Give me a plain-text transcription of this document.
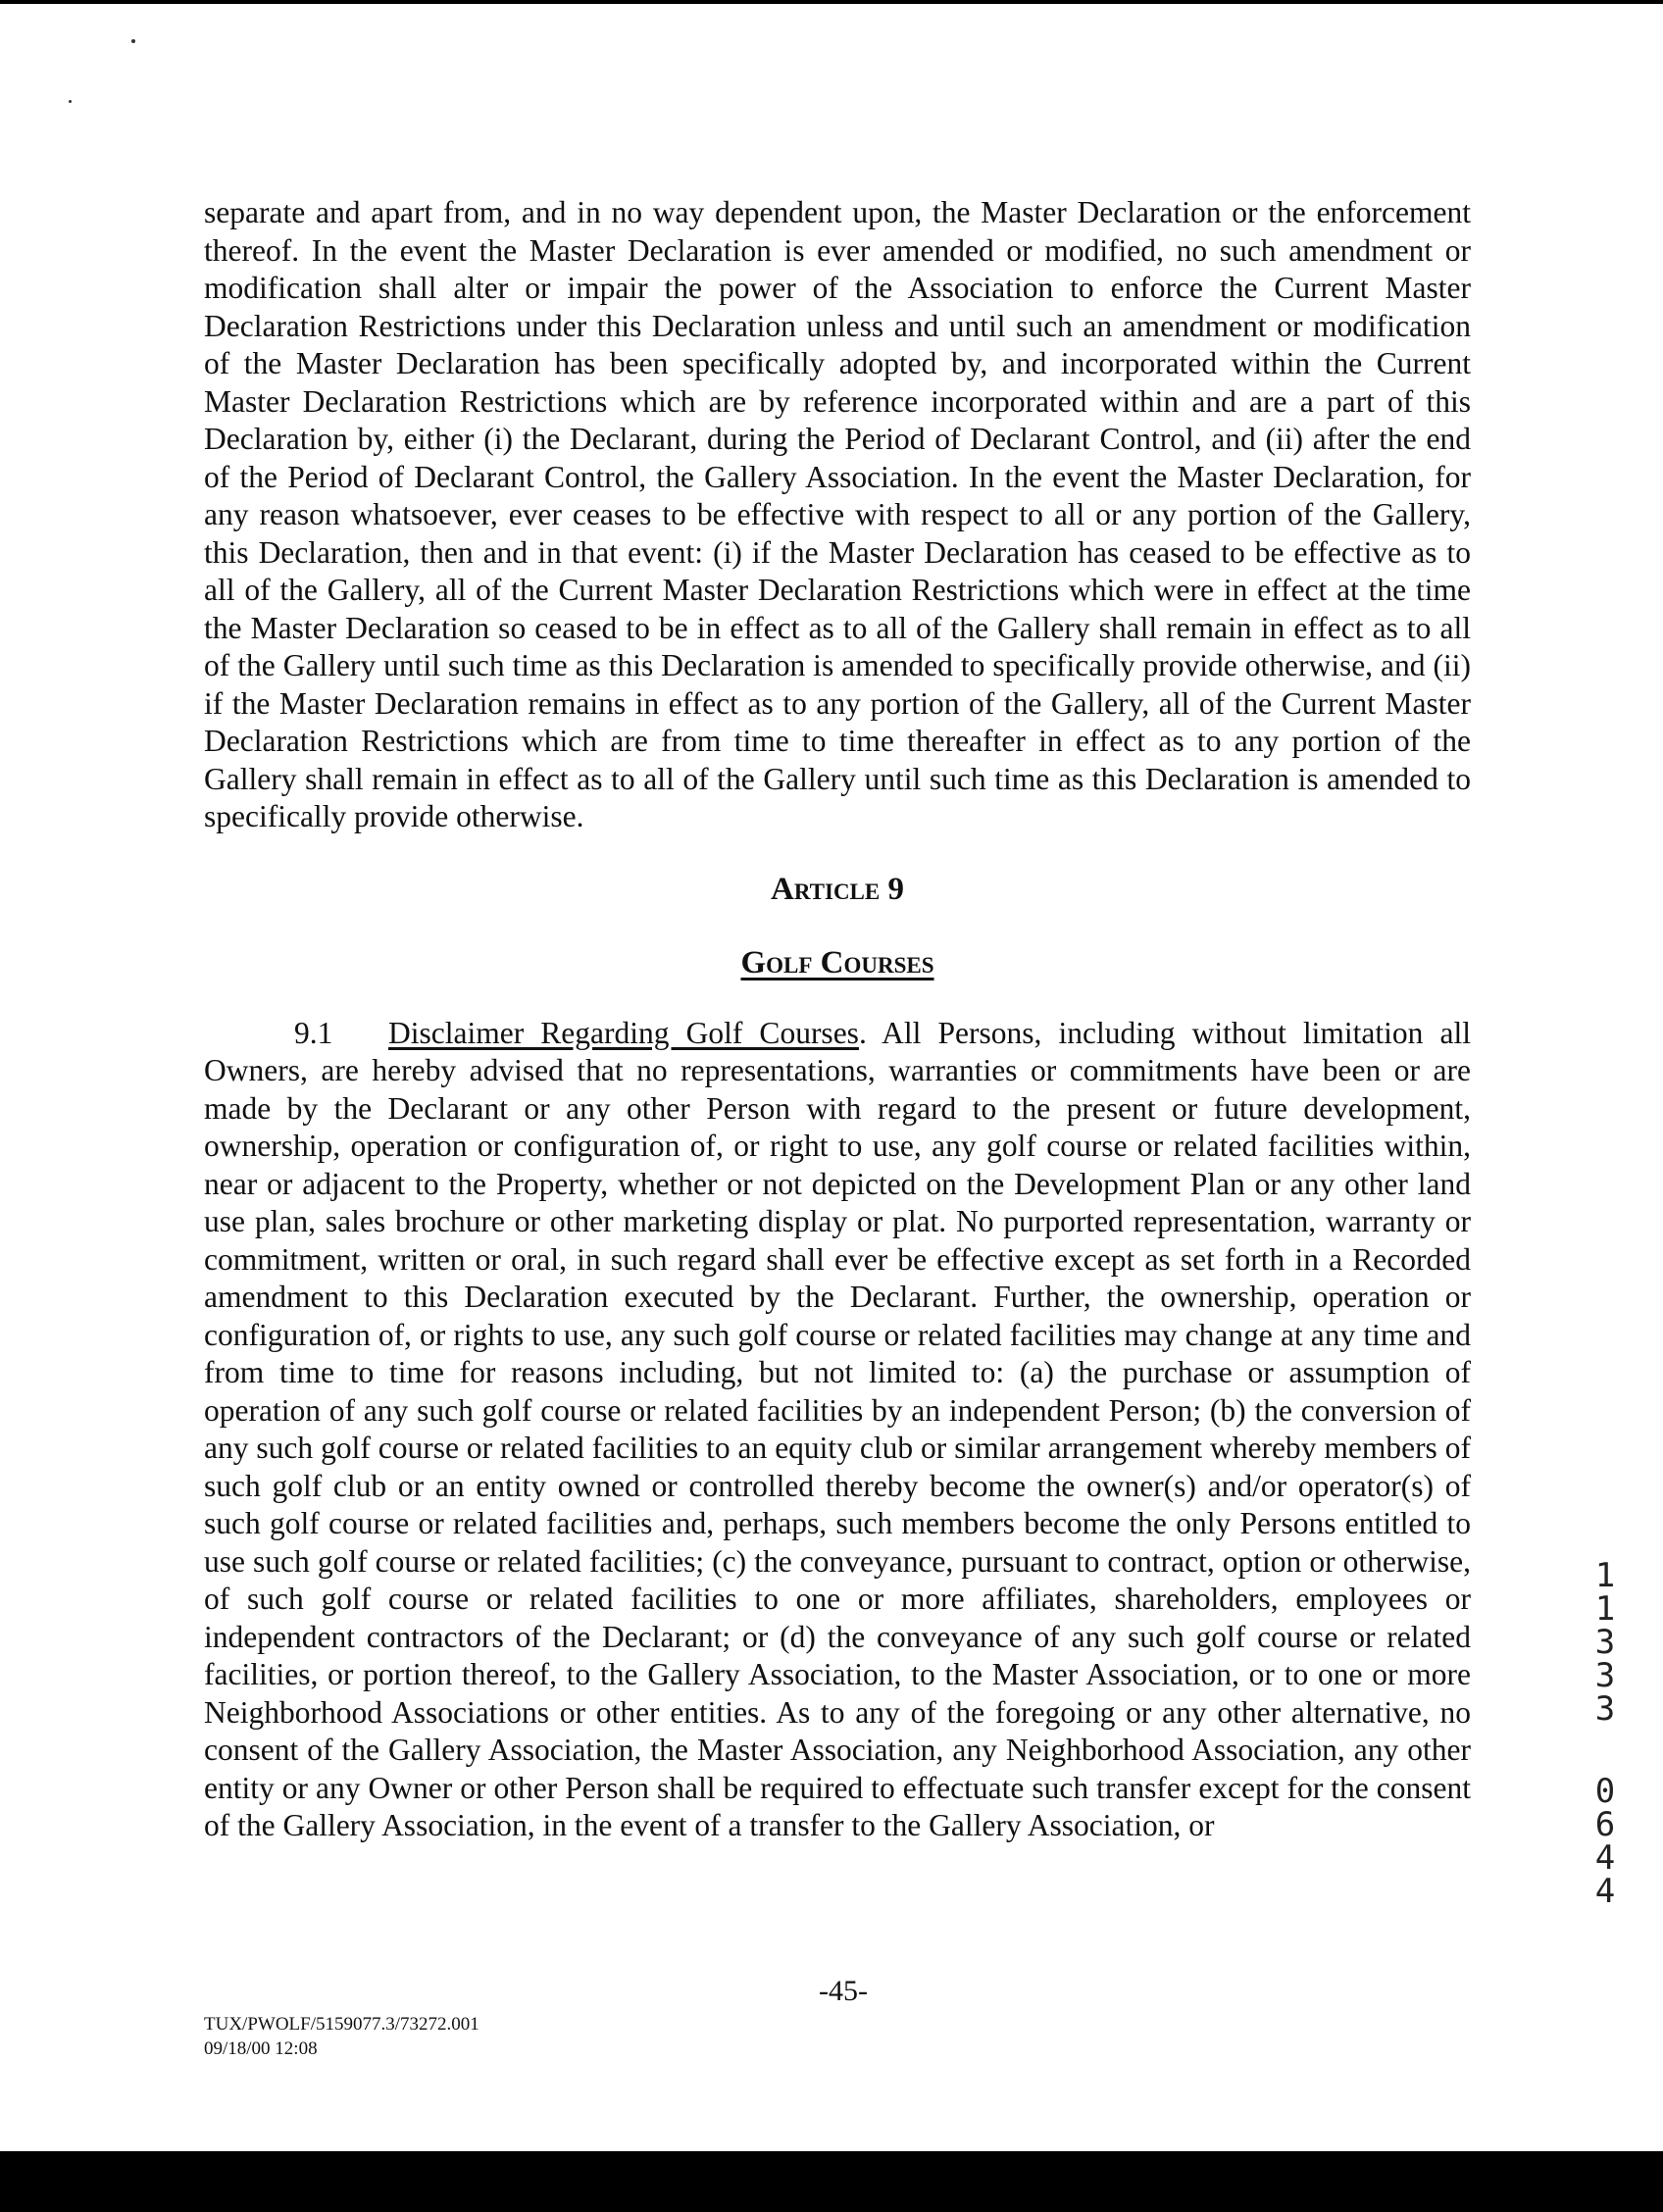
separate and apart from, and in no way dependent upon, the Master Declaration or the enforcement thereof. In the event the Master Declaration is ever amended or modified, no such amendment or modification shall alter or impair the power of the Association to enforce the Current Master Declaration Restrictions under this Declaration unless and until such an amendment or modification of the Master Declaration has been specifically adopted by, and incorporated within the Current Master Declaration Restrictions which are by reference incorporated within and are a part of this Declaration by, either (i) the Declarant, during the Period of Declarant Control, and (ii) after the end of the Period of Declarant Control, the Gallery Association. In the event the Master Declaration, for any reason whatsoever, ever ceases to be effective with respect to all or any portion of the Gallery, this Declaration, then and in that event: (i) if the Master Declaration has ceased to be effective as to all of the Gallery, all of the Current Master Declaration Restrictions which were in effect at the time the Master Declaration so ceased to be in effect as to all of the Gallery shall remain in effect as to all of the Gallery until such time as this Declaration is amended to specifically provide otherwise, and (ii) if the Master Declaration remains in effect as to any portion of the Gallery, all of the Current Master Declaration Restrictions which are from time to time thereafter in effect as to any portion of the Gallery shall remain in effect as to all of the Gallery until such time as this Declaration is amended to specifically provide otherwise.

Article 9

Golf Courses

9.1 Disclaimer Regarding Golf Courses. All Persons, including without limitation all Owners, are hereby advised that no representations, warranties or commitments have been or are made by the Declarant or any other Person with regard to the present or future development, ownership, operation or configuration of, or right to use, any golf course or related facilities within, near or adjacent to the Property, whether or not depicted on the Development Plan or any other land use plan, sales brochure or other marketing display or plat. No purported representation, warranty or commitment, written or oral, in such regard shall ever be effective except as set forth in a Recorded amendment to this Declaration executed by the Declarant. Further, the ownership, operation or configuration of, or rights to use, any such golf course or related facilities may change at any time and from time to time for reasons including, but not limited to: (a) the purchase or assumption of operation of any such golf course or related facilities by an independent Person; (b) the conversion of any such golf course or related facilities to an equity club or similar arrangement whereby members of such golf club or an entity owned or controlled thereby become the owner(s) and/or operator(s) of such golf course or related facilities and, perhaps, such members become the only Persons entitled to use such golf course or related facilities; (c) the conveyance, pursuant to contract, option or otherwise, of such golf course or related facilities to one or more affiliates, shareholders, employees or independent contractors of the Declarant; or (d) the conveyance of any such golf course or related facilities, or portion thereof, to the Gallery Association, to the Master Association, or to one or more Neighborhood Associations or other entities. As to any of the foregoing or any other alternative, no consent of the Gallery Association, the Master Association, any Neighborhood Association, any other entity or any Owner or other Person shall be required to effectuate such transfer except for the consent of the Gallery Association, in the event of a transfer to the Gallery Association, or

1
1
3
3
3
0
6
4
4
-45-
TUX/PWOLF/5159077.3/73272.001
09/18/00 12:08
